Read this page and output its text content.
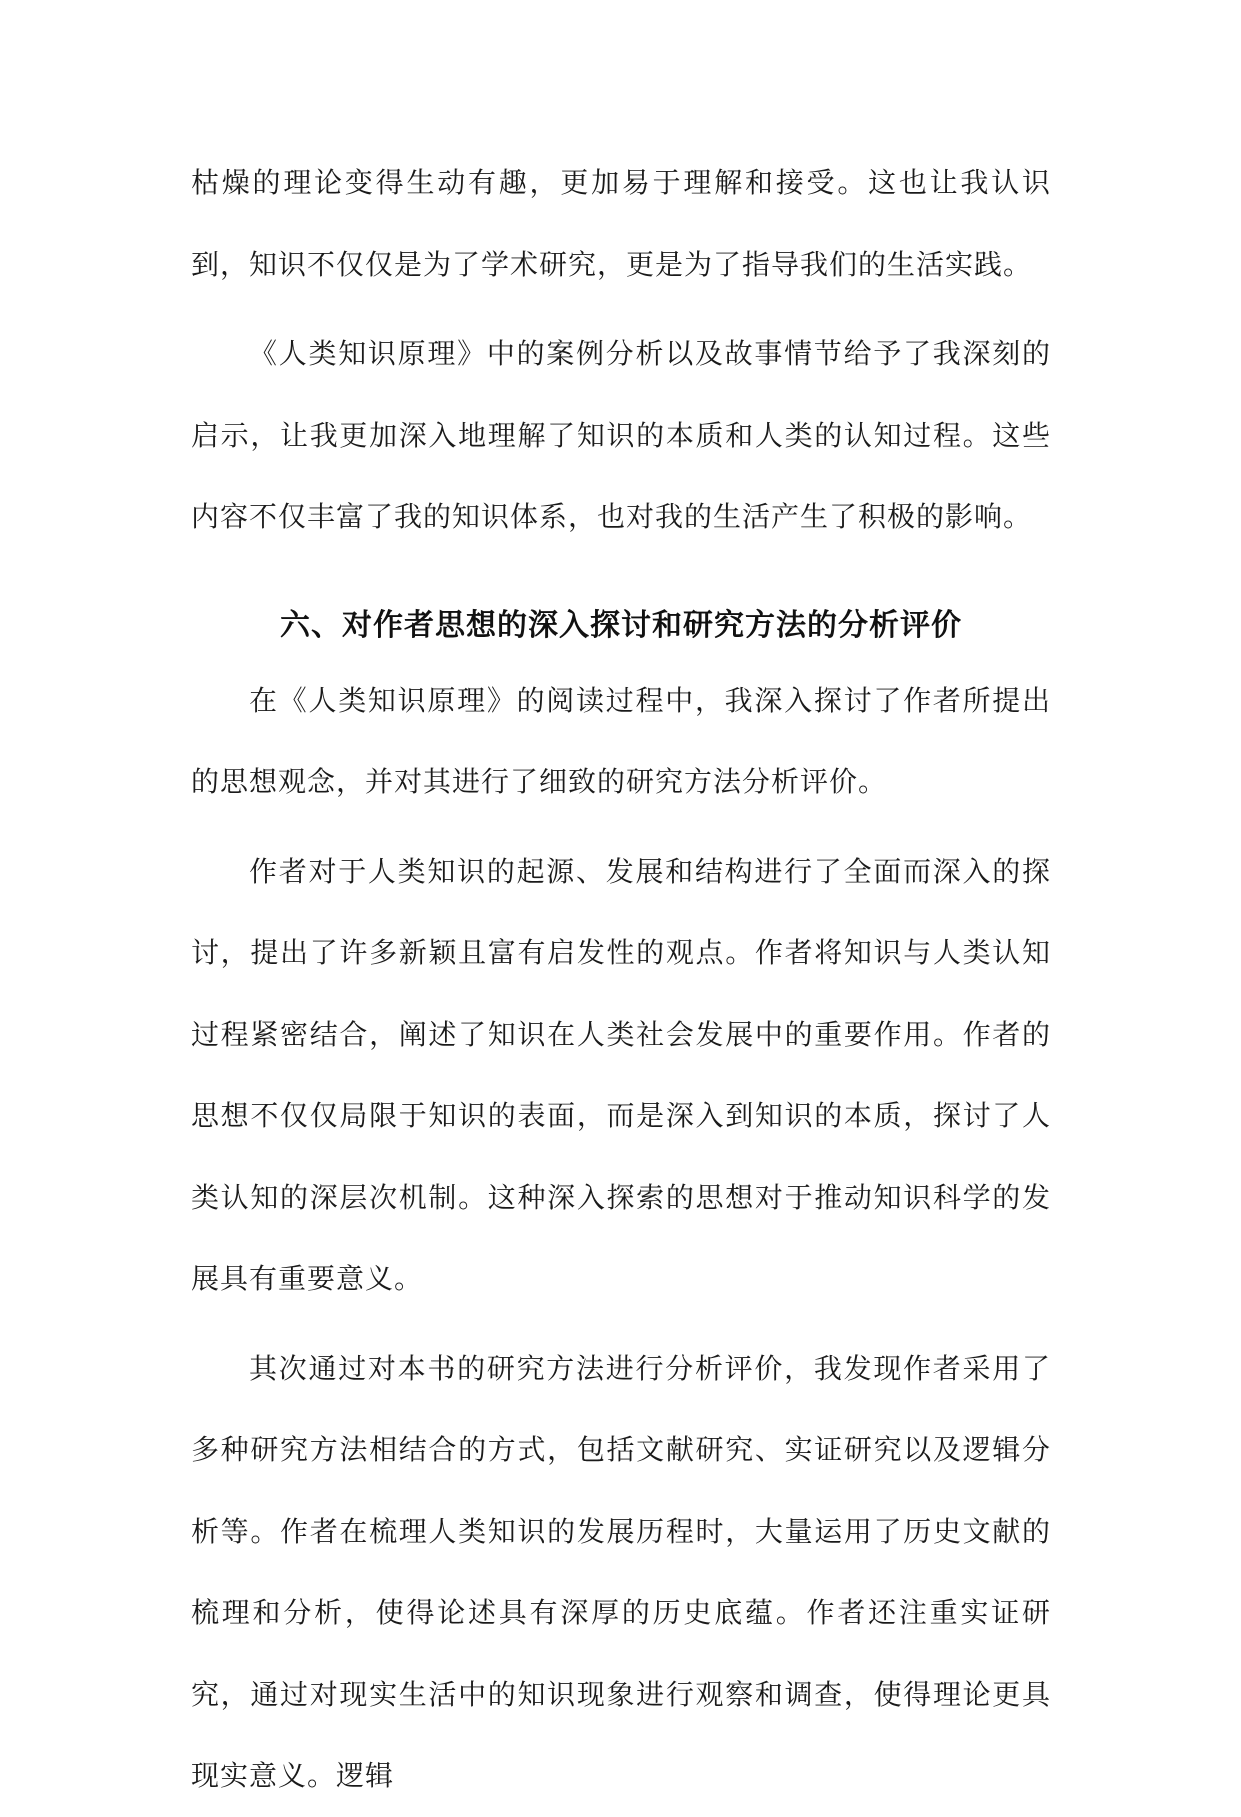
枯燥的理论变得生动有趣，更加易于理解和接受。这也让我认识到，知识不仅仅是为了学术研究，更是为了指导我们的生活实践。

《人类知识原理》中的案例分析以及故事情节给予了我深刻的启示，让我更加深入地理解了知识的本质和人类的认知过程。这些内容不仅丰富了我的知识体系，也对我的生活产生了积极的影响。

六、对作者思想的深入探讨和研究方法的分析评价

在《人类知识原理》的阅读过程中，我深入探讨了作者所提出的思想观念，并对其进行了细致的研究方法分析评价。

作者对于人类知识的起源、发展和结构进行了全面而深入的探讨，提出了许多新颖且富有启发性的观点。作者将知识与人类认知过程紧密结合，阐述了知识在人类社会发展中的重要作用。作者的思想不仅仅局限于知识的表面，而是深入到知识的本质，探讨了人类认知的深层次机制。这种深入探索的思想对于推动知识科学的发展具有重要意义。

其次通过对本书的研究方法进行分析评价，我发现作者采用了多种研究方法相结合的方式，包括文献研究、实证研究以及逻辑分析等。作者在梳理人类知识的发展历程时，大量运用了历史文献的梳理和分析，使得论述具有深厚的历史底蕴。作者还注重实证研究，通过对现实生活中的知识现象进行观察和调查，使得理论更具现实意义。逻辑
